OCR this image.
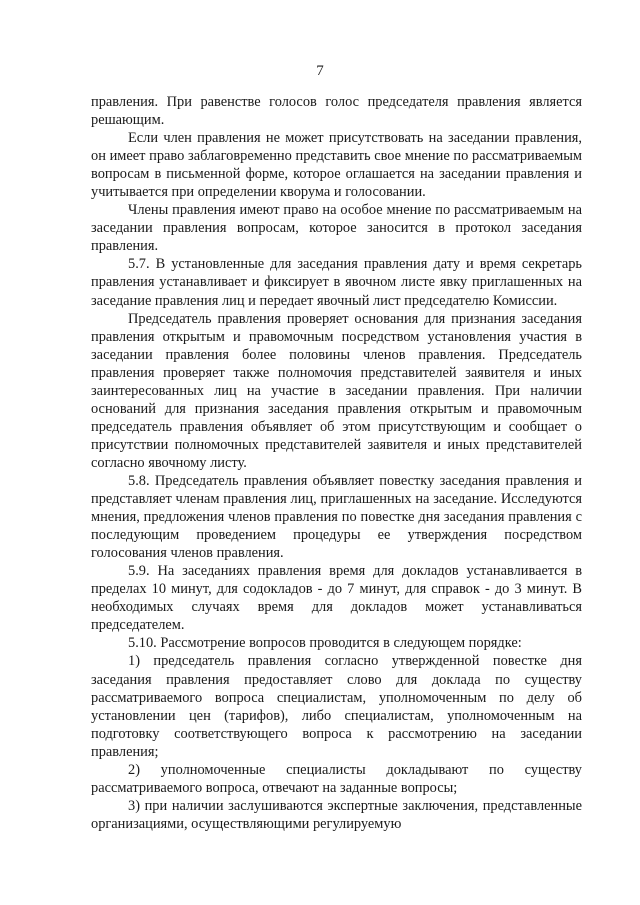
7

правления. При равенстве голосов голос председателя правления является решающим.

Если член правления не может присутствовать на заседании правления, он имеет право заблаговременно представить свое мнение по рассматриваемым вопросам в письменной форме, которое оглашается на заседании правления и учитывается при определении кворума и голосовании.

Члены правления имеют право на особое мнение по рассматриваемым на заседании правления вопросам, которое заносится в протокол заседания правления.

5.7. В установленные для заседания правления дату и время секретарь правления устанавливает и фиксирует в явочном листе явку приглашенных на заседание правления лиц и передает явочный лист председателю Комиссии.

Председатель правления проверяет основания для признания заседания правления открытым и правомочным посредством установления участия в заседании правления более половины членов правления. Председатель правления проверяет также полномочия представителей заявителя и иных заинтересованных лиц на участие в заседании правления. При наличии оснований для признания заседания правления открытым и правомочным председатель правления объявляет об этом присутствующим и сообщает о присутствии полномочных представителей заявителя и иных представителей согласно явочному листу.

5.8. Председатель правления объявляет повестку заседания правления и представляет членам правления лиц, приглашенных на заседание. Исследуются мнения, предложения членов правления по повестке дня заседания правления с последующим проведением процедуры ее утверждения посредством голосования членов правления.

5.9. На заседаниях правления время для докладов устанавливается в пределах 10 минут, для содокладов - до 7 минут, для справок - до 3 минут. В необходимых случаях время для докладов может устанавливаться председателем.

5.10. Рассмотрение вопросов проводится в следующем порядке:

1) председатель правления согласно утвержденной повестке дня заседания правления предоставляет слово для доклада по существу рассматриваемого вопроса специалистам, уполномоченным по делу об установлении цен (тарифов), либо специалистам, уполномоченным на подготовку соответствующего вопроса к рассмотрению на заседании правления;

2) уполномоченные специалисты докладывают по существу рассматриваемого вопроса, отвечают на заданные вопросы;

3) при наличии заслушиваются экспертные заключения, представленные организациями, осуществляющими регулируемую
